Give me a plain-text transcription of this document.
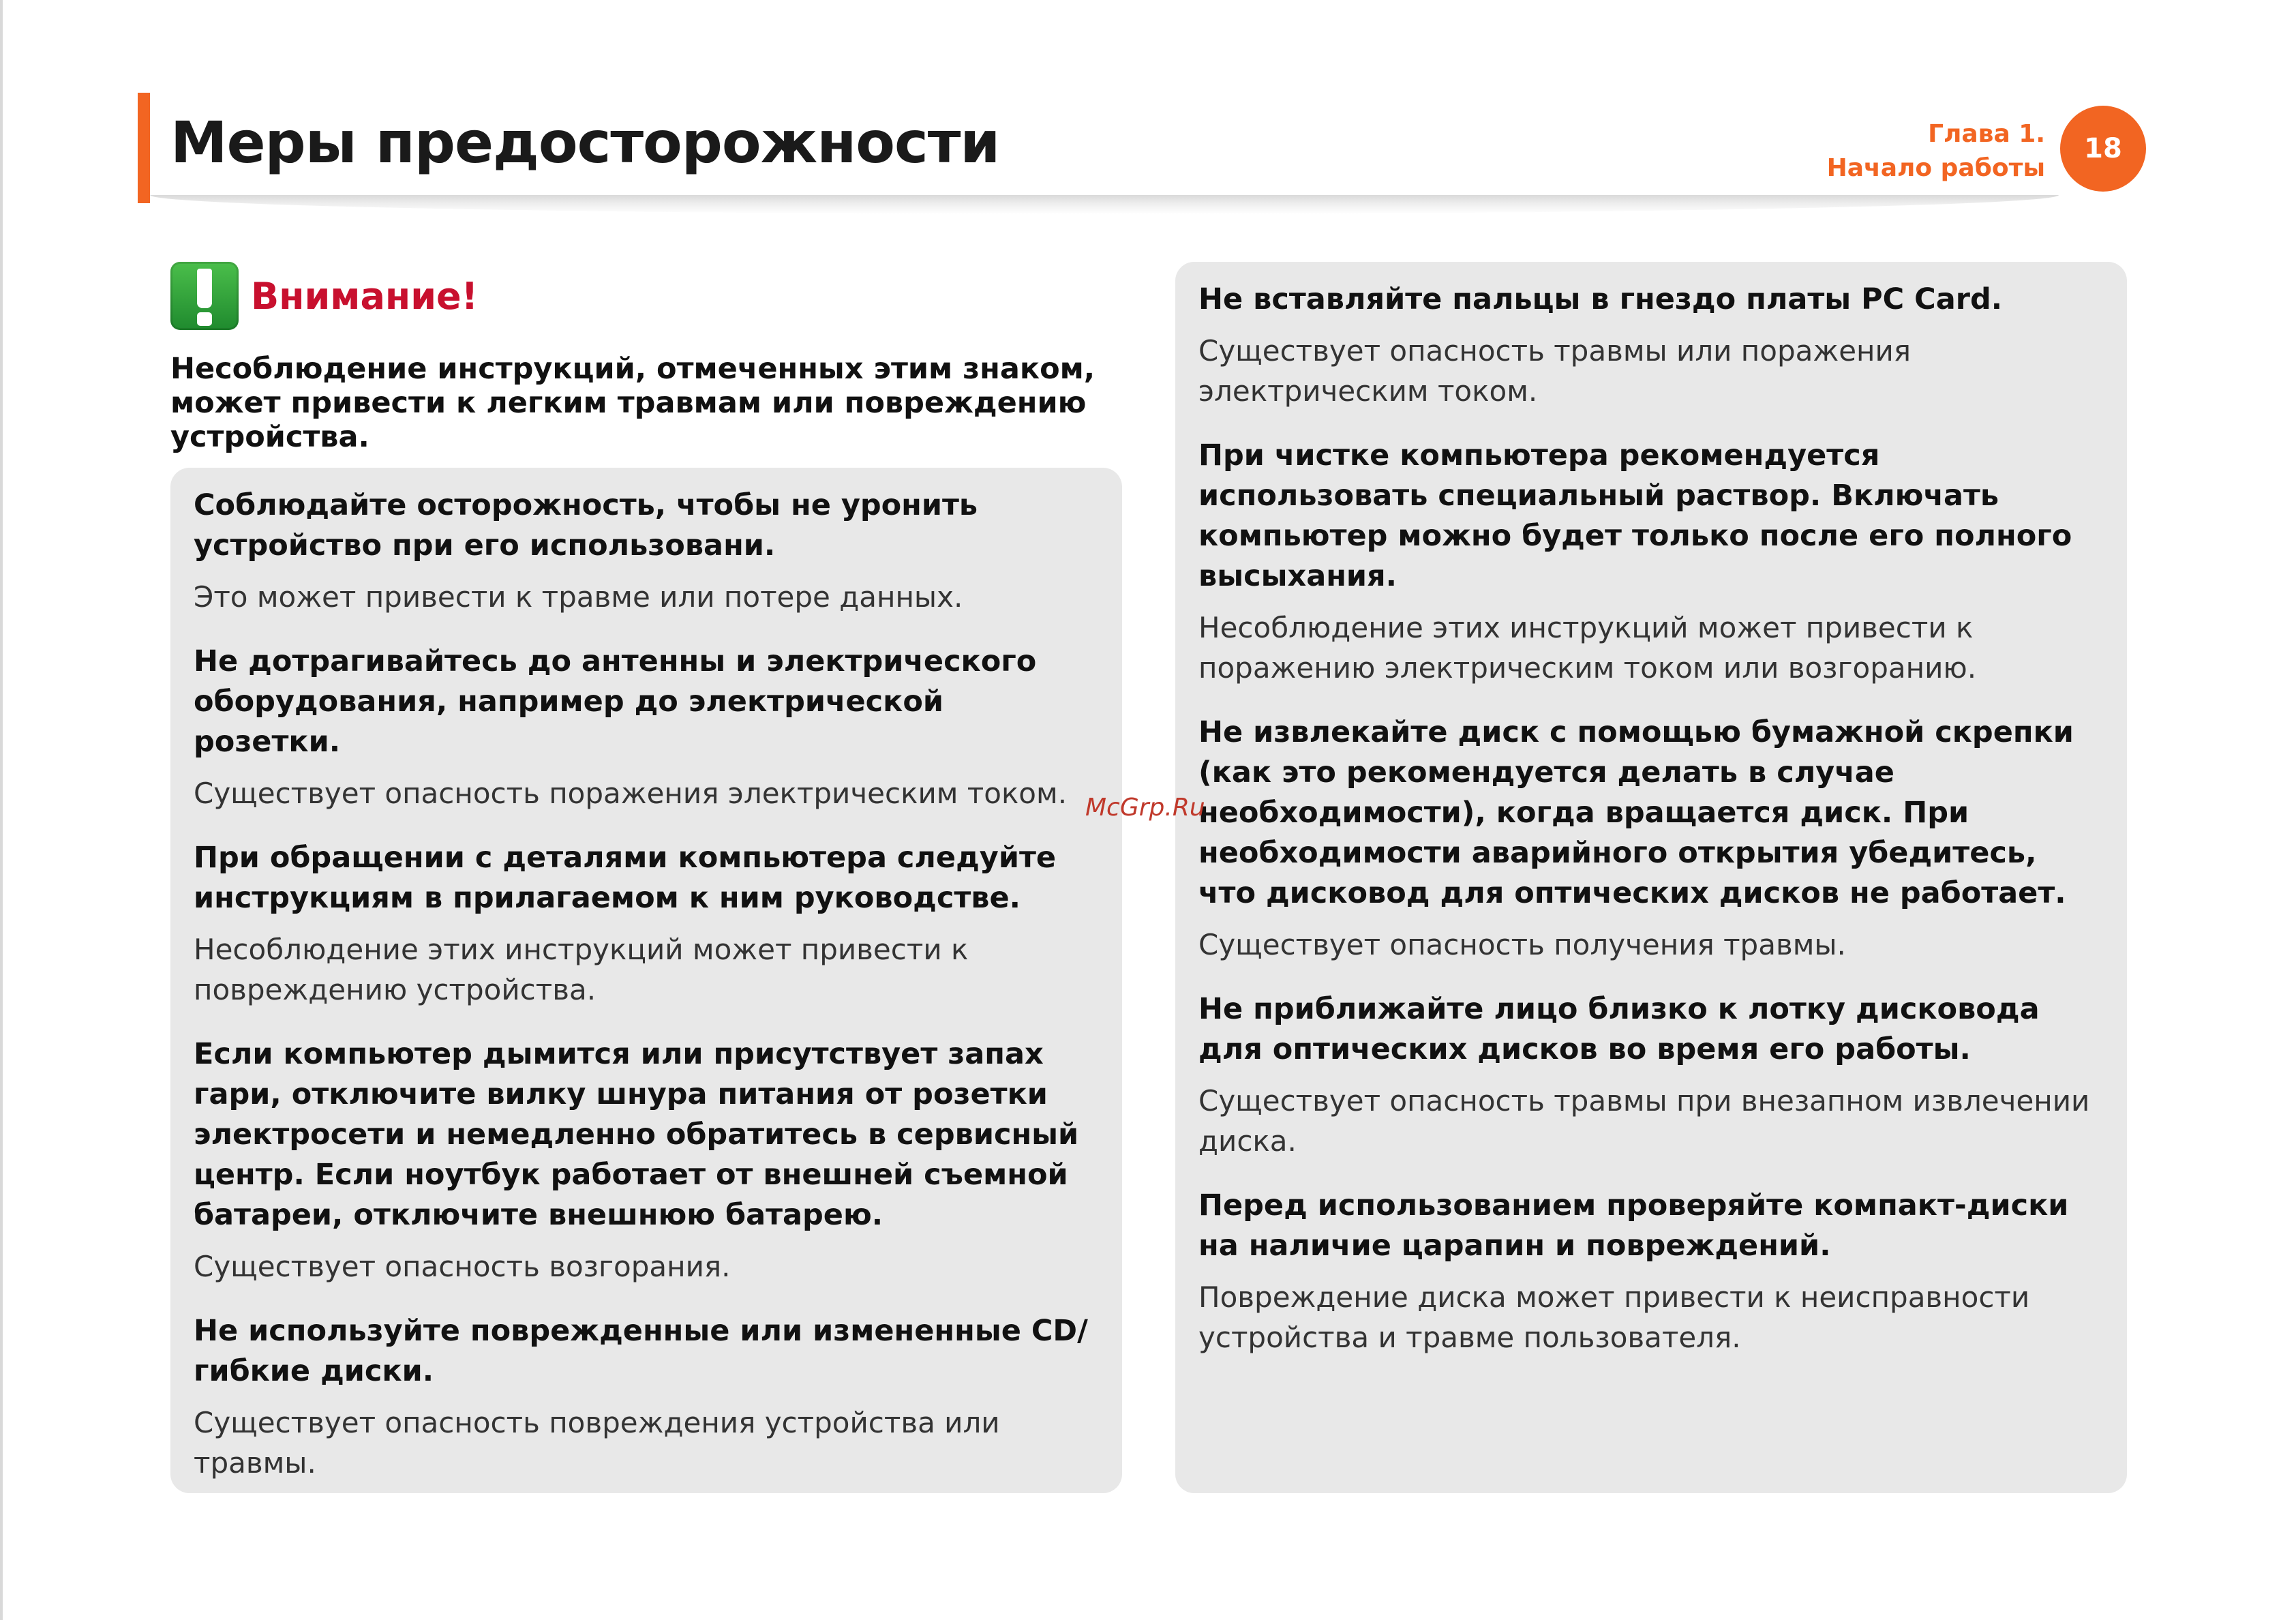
Меры предосторожности	Глава 1.
Начало работы
18
Внимание!

Несоблюдение инструкций, отмеченных этим знаком, может привести к легким травмам или повреждению устройства.

Соблюдайте осторожность, чтобы не уронить устройство при его использовани.

Это может привести к травме или потере данных.

Не дотрагивайтесь до антенны и электрического оборудования, например до электрической розетки.

Существует опасность поражения электрическим током.

При обращении с деталями компьютера следуйте инструкциям в прилагаемом к ним руководстве.

Несоблюдение этих инструкций может привести к повреждению устройства.

Если компьютер дымится или присутствует запах гари, отключите вилку шнура питания от розетки электросети и немедленно обратитесь в сервисный центр. Если ноутбук работает от внешней съемной батареи, отключите внешнюю батарею.

Существует опасность возгорания.

Не используйте поврежденные или измененные CD/ гибкие диски.

Существует опасность повреждения устройства или травмы.

Не вставляйте пальцы в гнездо платы PC Card.

Существует опасность травмы или поражения электрическим током.

При чистке компьютера рекомендуется использовать специальный раствор. Включать компьютер можно будет только после его полного высыхания.

Несоблюдение этих инструкций может привести к поражению электрическим током или возгоранию.

Не извлекайте диск с помощью бумажной скрепки (как это рекомендуется делать в случае необходимости), когда вращается диск. При необходимости аварийного открытия убедитесь, что дисковод для оптических дисков не работает.

Существует опасность получения травмы.

Не приближайте лицо близко к лотку дисковода для оптических дисков во время его работы.

Существует опасность травмы при внезапном извлечении диска.

Перед использованием проверяйте компакт-диски на наличие царапин и повреждений.

Повреждение диска может привести к неисправности устройства и травме пользователя.

McGrp.Ru
